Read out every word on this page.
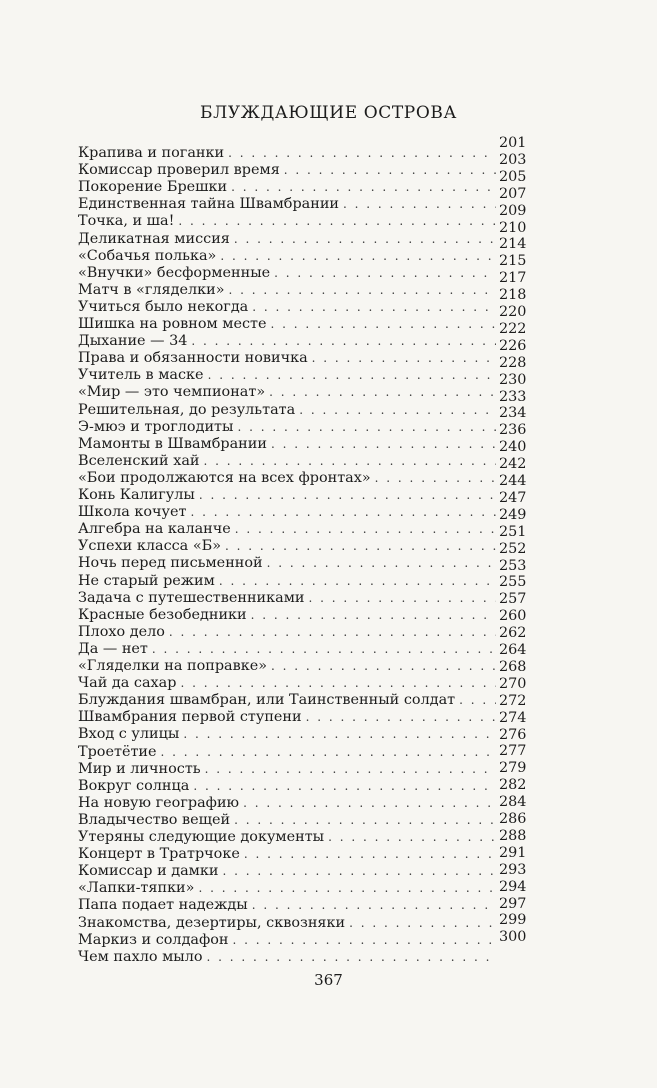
БЛУЖДАЮЩИЕ ОСТРОВА
Крапива и поганки
. . .
Комиссар проверил время
. . .
Покорение Брешки
. . .
Единственная тайна Швамбрании
. . .
Точка, и ша!
. . .
Деликатная миссия
. . .
«Собачья полька»
. . .
«Внучки» бесформенные
. . .
Матч в «гляделки»
. . .
Учиться было некогда
. . .
Шишка на ровном месте
. . .
Дыхание — 34
. . .
Права и обязанности новичка
. . .
Учитель в маске
. . .
«Мир — это чемпионат»
. . .
Решительная, до результата
. . .
Э-мюэ и троглодиты
. . .
Мамонты в Швамбрании
. . .
Вселенский хай
. . .
«Бои продолжаются на всех фронтах»
. . .
Конь Калигулы
. . .
Школа кочует
. . .
Алгебра на каланче
. . .
Успехи класса «Б»
. . .
Ночь перед письменной
. . .
Не старый режим
. . .
Задача с путешественниками
. . .
Красные безобедники
. . .
Плохо дело
. . .
Да — нет
. . .
«Гляделки на поправке»
. . .
Чай да сахар
. . .
Блуждания швамбран, или Таинственный солдат
. . .
Швамбрания первой ступени
. . .
Вход с улицы
. . .
Троетётие
. . .
Мир и личность
. . .
Вокруг солнца
. . .
На новую географию
. . .
Владычество вещей
. . .
Утеряны следующие документы
. . .
Концерт в Тратрчоке
. . .
Комиссар и дамки
. . .
«Лапки-тяпки»
. . .
Папа подает надежды
. . .
Знакомства, дезертиры, сквозняки
. . .
Маркиз и солдафон
. . .
Чем пахло мыло
. . .
201
203
205
207
209
210
214
215
217
218
220
222
226
228
230
233
234
236
240
242
244
247
249
251
252
253
255
257
260
262
264
268
270
272
274
276
277
279
282
284
286
288
291
293
294
297
299
300
367
